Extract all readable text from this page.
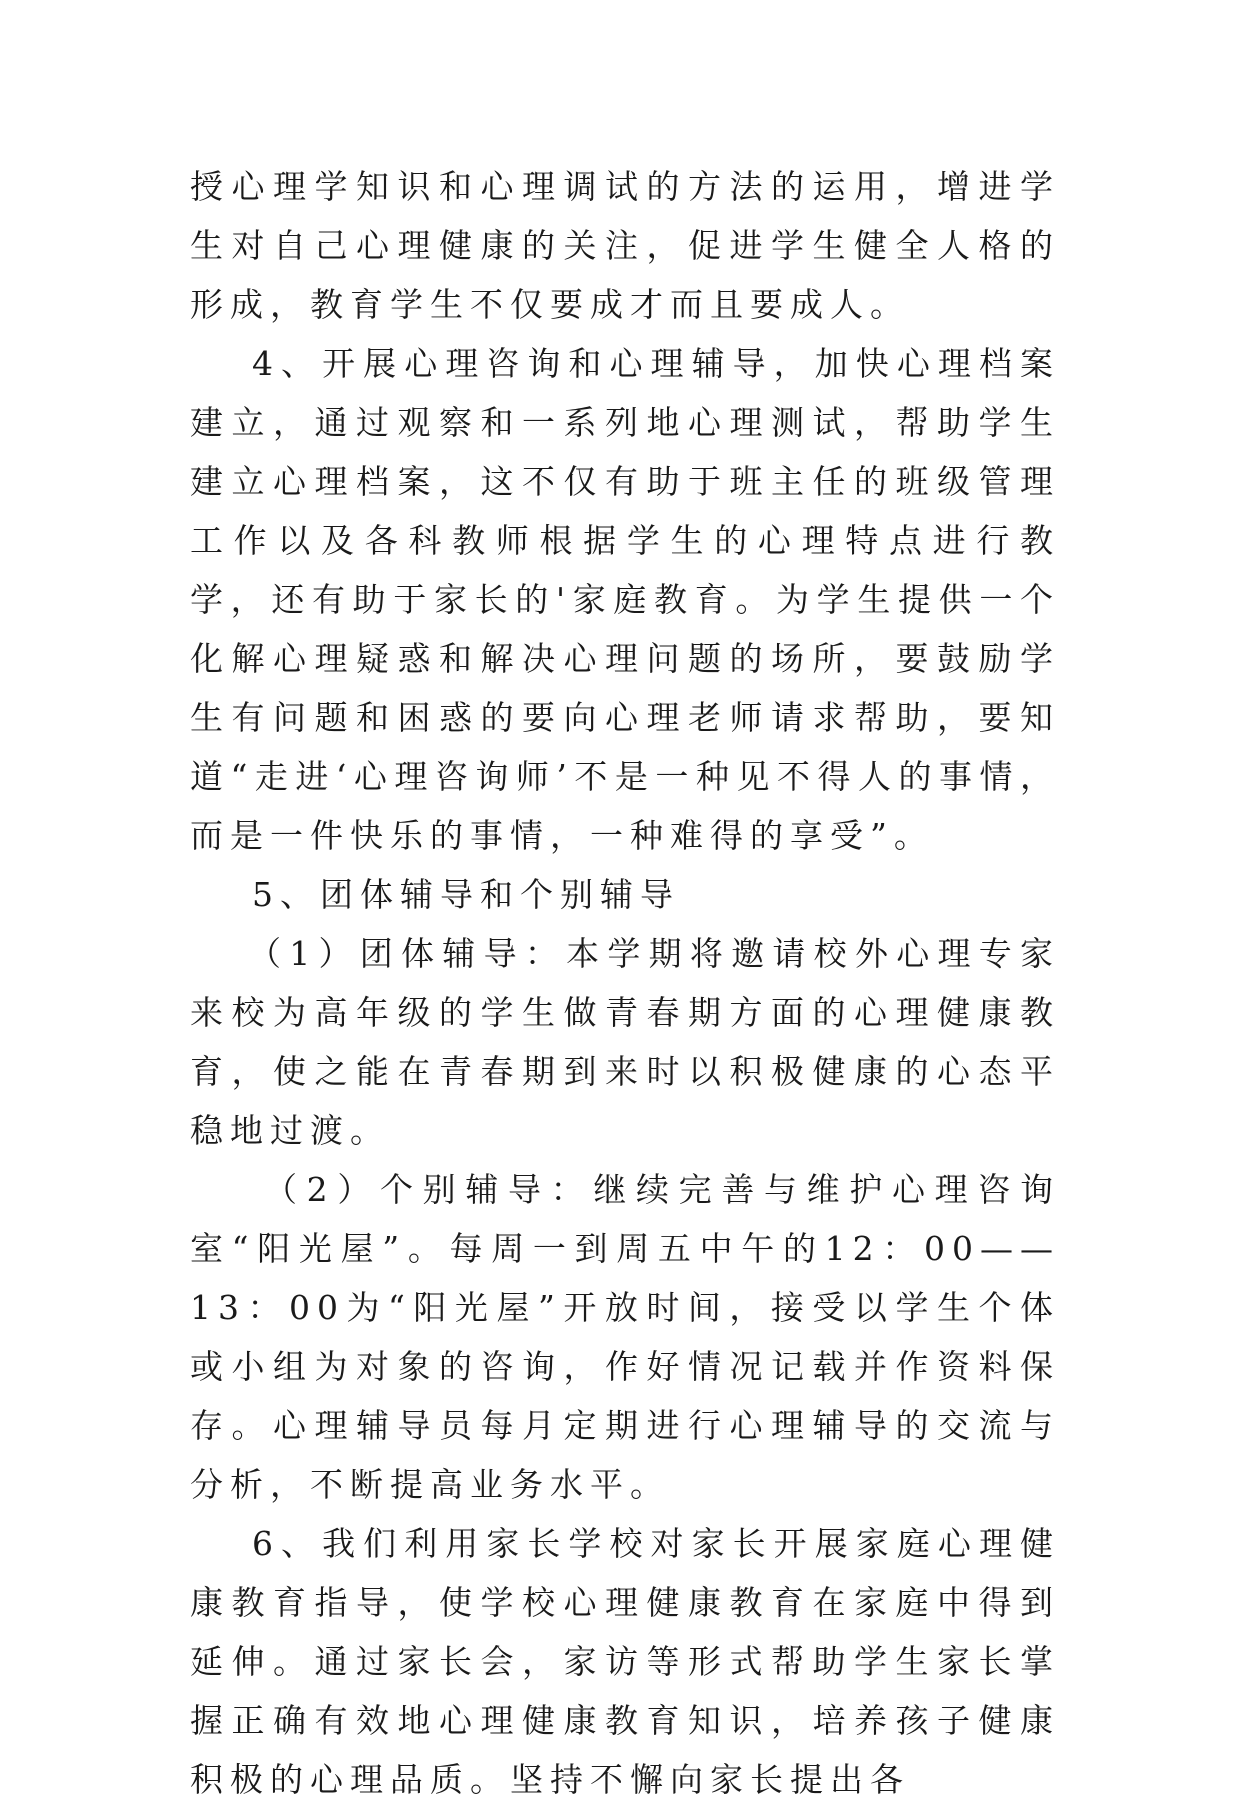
授心理学知识和心理调试的方法的运用，增进学生对自己心理健康的关注，促进学生健全人格的形成，教育学生不仅要成才而且要成人。

4、开展心理咨询和心理辅导，加快心理档案建立，通过观察和一系列地心理测试，帮助学生建立心理档案，这不仅有助于班主任的班级管理工作以及各科教师根据学生的心理特点进行教学，还有助于家长的'家庭教育。为学生提供一个化解心理疑惑和解决心理问题的场所，要鼓励学生有问题和困惑的要向心理老师请求帮助，要知道“走进‘心理咨询师’不是一种见不得人的事情，而是一件快乐的事情，一种难得的享受”。

5、团体辅导和个别辅导

（1）团体辅导：本学期将邀请校外心理专家来校为高年级的学生做青春期方面的心理健康教育，使之能在青春期到来时以积极健康的心态平稳地过渡。

（2）个别辅导：继续完善与维护心理咨询室“阳光屋”。每周一到周五中午的12：00——13：00为“阳光屋”开放时间，接受以学生个体或小组为对象的咨询，作好情况记载并作资料保存。心理辅导员每月定期进行心理辅导的交流与分析，不断提高业务水平。

6、我们利用家长学校对家长开展家庭心理健康教育指导，使学校心理健康教育在家庭中得到延伸。通过家长会，家访等形式帮助学生家长掌握正确有效地心理健康教育知识，培养孩子健康积极的心理品质。坚持不懈向家长提出各
